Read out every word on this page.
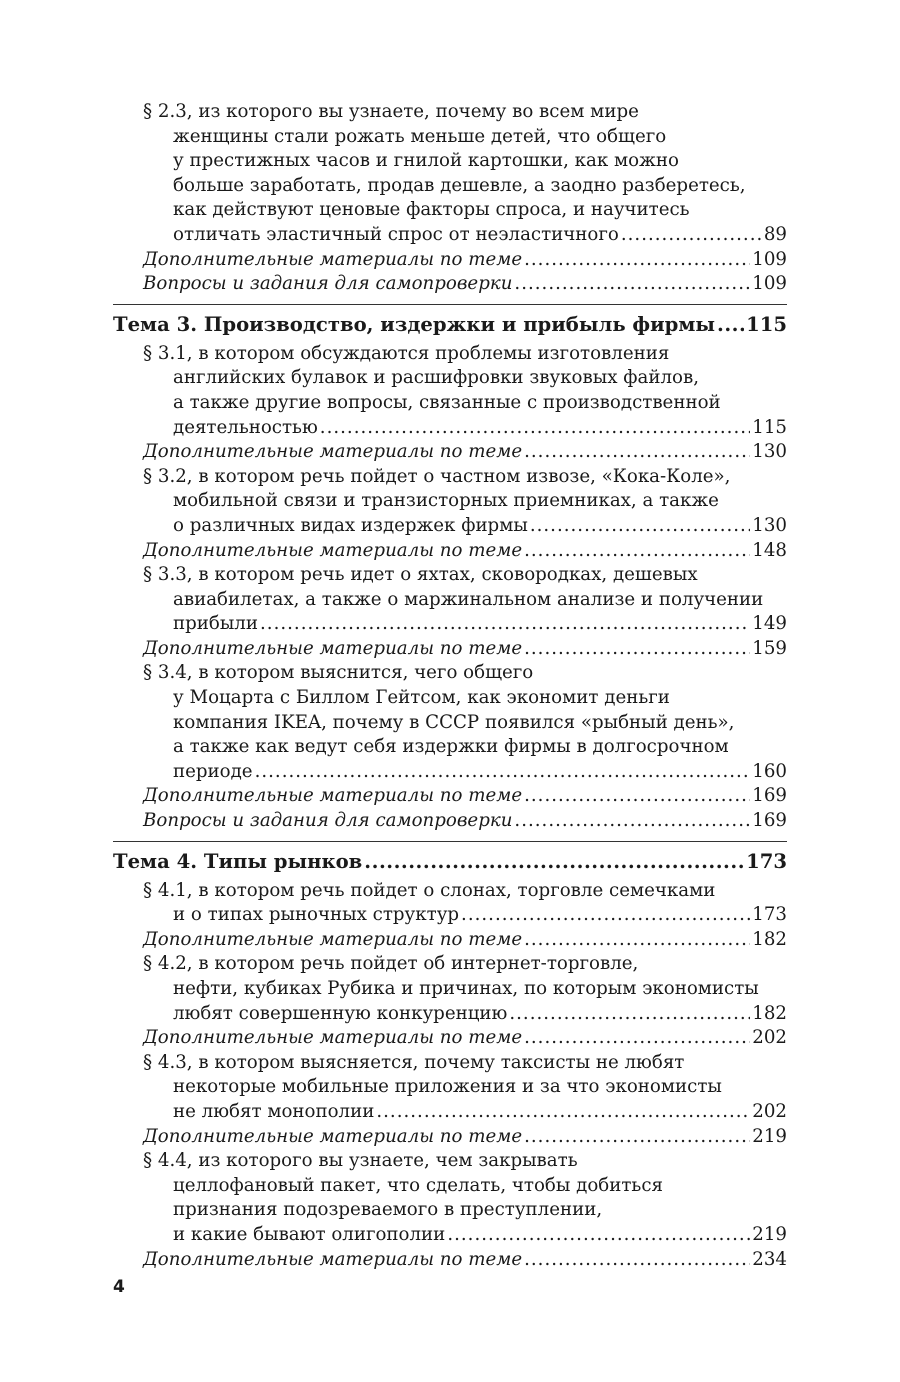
§ 2.3, из которого вы узнаете, почему во всем мире
женщины стали рожать меньше детей, что общего
у престижных часов и гнилой картошки, как можно
больше заработать, продав дешевле, а заодно разберетесь,
как действуют ценовые факторы спроса, и научитесь
отличать эластичный спрос от неэластичного .....	89
Дополнительные материалы по теме .....	109
Вопросы и задания для самопроверки .....	109
Тема 3. Производство, издержки и прибыль фирмы ..... 115
§ 3.1, в котором обсуждаются проблемы изготовления
английских булавок и расшифровки звуковых файлов,
а также другие вопросы, связанные с производственной
деятельностью .....	115
Дополнительные материалы по теме .....	130
§ 3.2, в котором речь пойдет о частном извозе, «Кока-Коле»,
мобильной связи и транзисторных приемниках, а также
о различных видах издержек фирмы .....	130
Дополнительные материалы по теме .....	148
§ 3.3, в котором речь идет о яхтах, сковородках, дешевых
авиабилетах, а также о маржинальном анализе и получении
прибыли .....	149
Дополнительные материалы по теме .....	159
§ 3.4, в котором выяснится, чего общего
у Моцарта с Биллом Гейтсом, как экономит деньги
компания IKEA, почему в СССР появился «рыбный день»,
а также как ведут себя издержки фирмы в долгосрочном
периоде .....	160
Дополнительные материалы по теме .....	169
Вопросы и задания для самопроверки .....	169
Тема 4. Типы рынков .....	173
§ 4.1, в котором речь пойдет о слонах, торговле семечками
и о типах рыночных структур .....	173
Дополнительные материалы по теме .....	182
§ 4.2, в котором речь пойдет об интернет-торговле,
нефти, кубиках Рубика и причинах, по которым экономисты
любят совершенную конкуренцию .....	182
Дополнительные материалы по теме .....	202
§ 4.3, в котором выясняется, почему таксисты не любят
некоторые мобильные приложения и за что экономисты
не любят монополии .....	202
Дополнительные материалы по теме .....	219
§ 4.4, из которого вы узнаете, чем закрывать
целлофановый пакет, что сделать, чтобы добиться
признания подозреваемого в преступлении,
и какие бывают олигополии .....	219
Дополнительные материалы по теме .....	234
4
